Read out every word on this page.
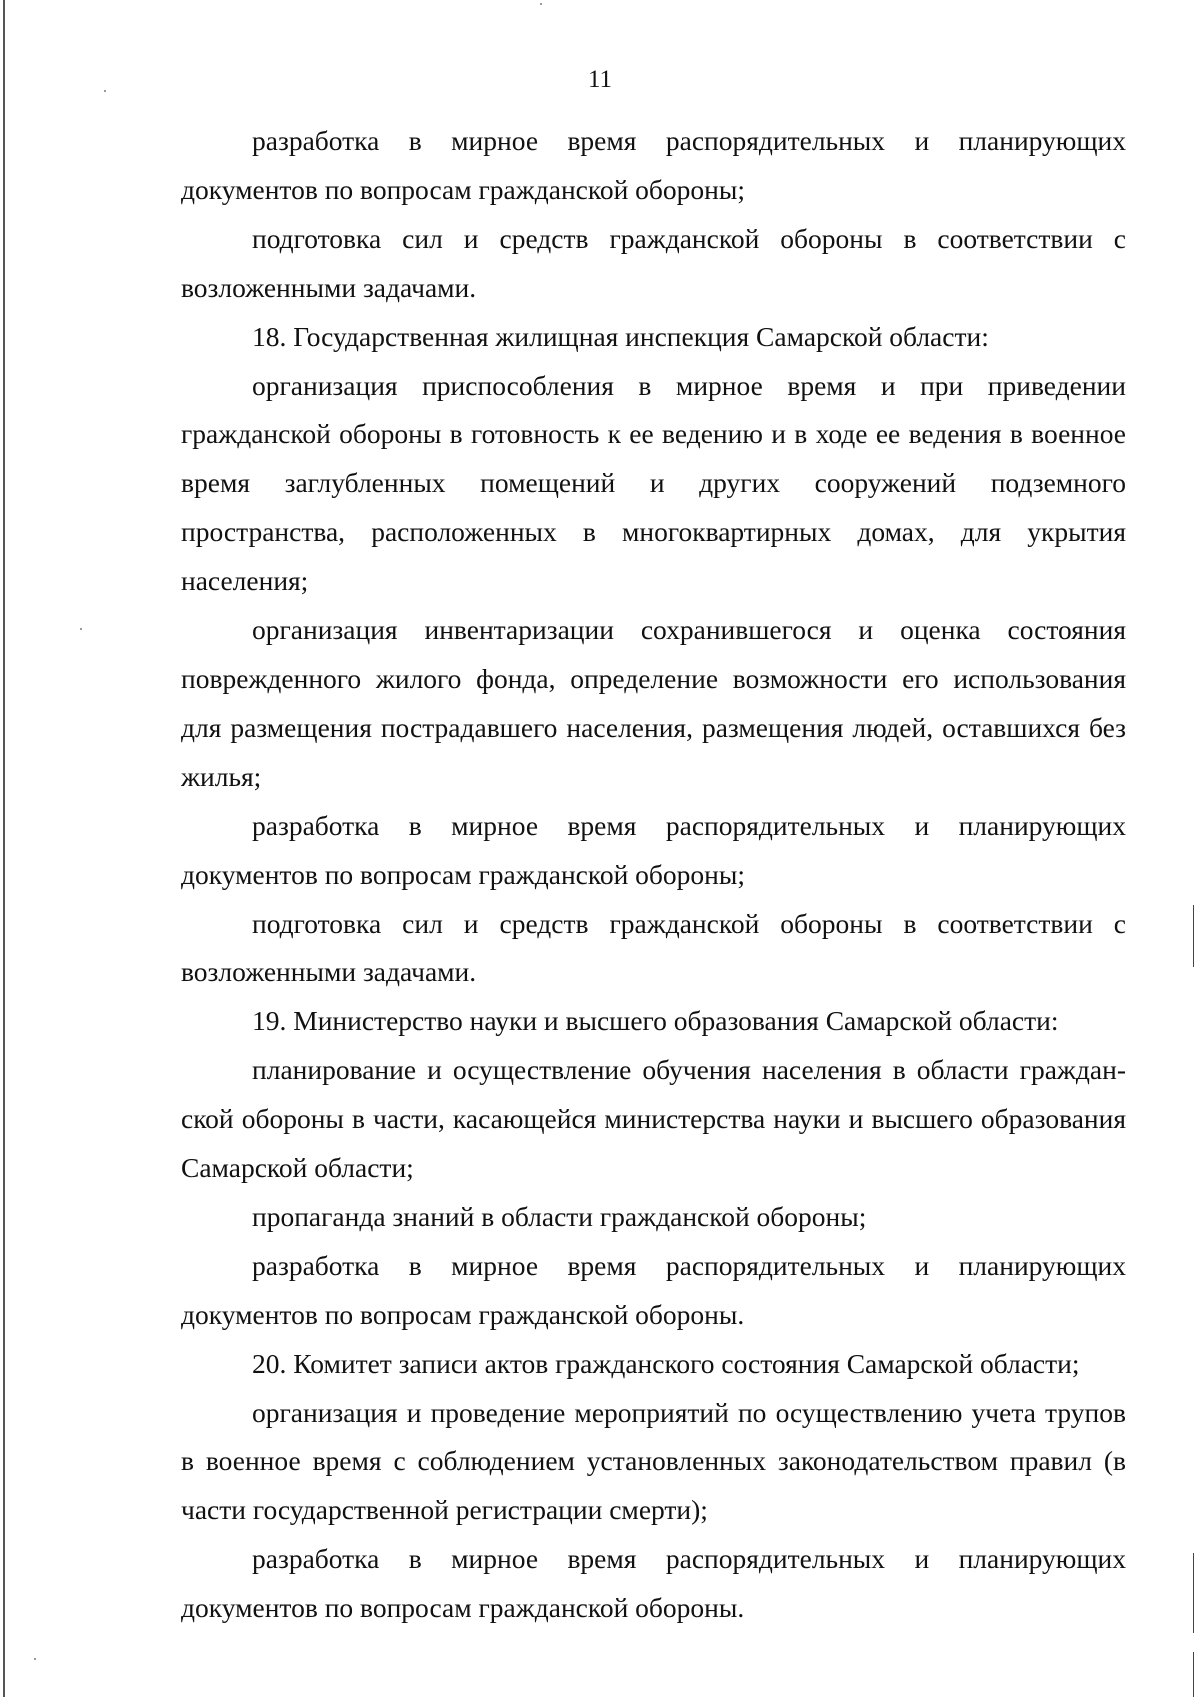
11

разработка в мирное время распорядительных и планирующих документов по вопросам гражданской обороны;

подготовка сил и средств гражданской обороны в соответствии с возложенными задачами.

18. Государственная жилищная инспекция Самарской области:

организация приспособления в мирное время и при приведении гражданской обороны в готовность к ее ведению и в ходе ее ведения в военное время заглубленных помещений и других сооружений подземного пространства, расположенных в многоквартирных домах, для укрытия населения;

организация инвентаризации сохранившегося и оценка состояния поврежденного жилого фонда, определение возможности его использования для размещения пострадавшего населения, размещения людей, оставшихся без жилья;

разработка в мирное время распорядительных и планирующих документов по вопросам гражданской обороны;

подготовка сил и средств гражданской обороны в соответствии с возложенными задачами.

19. Министерство науки и высшего образования Самарской области:

планирование и осуществление обучения населения в области гражданской обороны в части, касающейся министерства науки и высшего образования Самарской области;

пропаганда знаний в области гражданской обороны;

разработка в мирное время распорядительных и планирующих документов по вопросам гражданской обороны.

20. Комитет записи актов гражданского состояния Самарской области;

организация и проведение мероприятий по осуществлению учета трупов в военное время с соблюдением установленных законодательством правил (в части государственной регистрации смерти);

разработка в мирное время распорядительных и планирующих документов по вопросам гражданской обороны.
